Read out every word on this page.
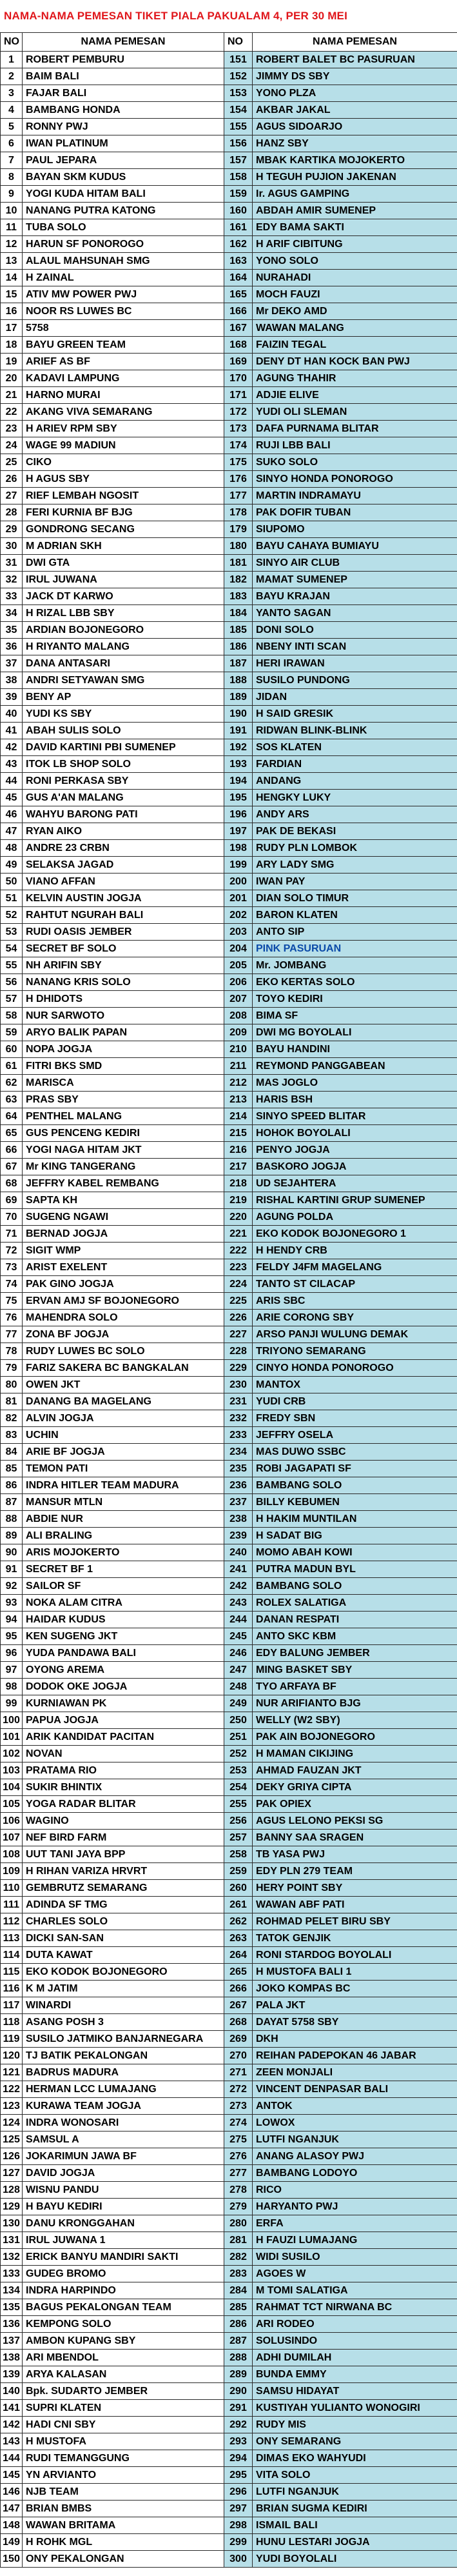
NAMA-NAMA PEMESAN TIKET PIALA PAKUALAM 4, PER 30 MEI
NO	NAMA PEMESAN	NO	NAMA PEMESAN
1	ROBERT PEMBURU	151	ROBERT BALET BC PASURUAN
2	BAIM BALI	152	JIMMY DS SBY
3	FAJAR BALI	153	YONO PLZA
4	BAMBANG HONDA	154	AKBAR JAKAL
5	RONNY PWJ	155	AGUS SIDOARJO
6	IWAN PLATINUM	156	HANZ SBY
7	PAUL JEPARA	157	MBAK KARTIKA MOJOKERTO
8	BAYAN SKM KUDUS	158	H TEGUH PUJION JAKENAN
9	YOGI KUDA HITAM BALI	159	Ir. AGUS GAMPING
10	NANANG PUTRA KATONG	160	ABDAH AMIR SUMENEP
11	TUBA SOLO	161	EDY BAMA SAKTI
12	HARUN SF PONOROGO	162	H ARIF CIBITUNG
13	ALAUL MAHSUNAH SMG	163	YONO SOLO
14	H ZAINAL	164	NURAHADI
15	ATIV MW POWER PWJ	165	MOCH FAUZI
16	NOOR RS LUWES BC	166	Mr DEKO AMD
17	5758	167	WAWAN MALANG
18	BAYU GREEN TEAM	168	FAIZIN TEGAL
19	ARIEF AS BF	169	DENY DT HAN KOCK BAN PWJ
20	KADAVI LAMPUNG	170	AGUNG THAHIR
21	HARNO MURAI	171	ADJIE ELIVE
22	AKANG VIVA SEMARANG	172	YUDI OLI SLEMAN
23	H ARIEV RPM SBY	173	DAFA PURNAMA BLITAR
24	WAGE 99 MADIUN	174	RUJI LBB BALI
25	CIKO	175	SUKO SOLO
26	H AGUS SBY	176	SINYO HONDA PONOROGO
27	RIEF LEMBAH NGOSIT	177	MARTIN INDRAMAYU
28	FERI KURNIA BF BJG	178	PAK DOFIR TUBAN
29	GONDRONG SECANG	179	SIUPOMO
30	M ADRIAN SKH	180	BAYU CAHAYA BUMIAYU
31	DWI GTA	181	SINYO AIR CLUB
32	IRUL JUWANA	182	MAMAT SUMENEP
33	JACK DT KARWO	183	BAYU KRAJAN
34	H RIZAL LBB SBY	184	YANTO SAGAN
35	ARDIAN BOJONEGORO	185	DONI SOLO
36	H RIYANTO MALANG	186	NBENY INTI SCAN
37	DANA ANTASARI	187	HERI IRAWAN
38	ANDRI SETYAWAN SMG	188	SUSILO PUNDONG
39	BENY AP	189	JIDAN
40	YUDI KS SBY	190	H SAID GRESIK
41	ABAH SULIS SOLO	191	RIDWAN BLINK-BLINK
42	DAVID KARTINI PBI SUMENEP	192	SOS KLATEN
43	ITOK LB SHOP SOLO	193	FARDIAN
44	RONI PERKASA SBY	194	ANDANG
45	GUS A'AN MALANG	195	HENGKY LUKY
46	WAHYU BARONG PATI	196	ANDY ARS
47	RYAN AIKO	197	PAK DE BEKASI
48	ANDRE 23 CRBN	198	RUDY PLN LOMBOK
49	SELAKSA JAGAD	199	ARY LADY SMG
50	VIANO AFFAN	200	IWAN PAY
51	KELVIN AUSTIN JOGJA	201	DIAN SOLO TIMUR
52	RAHTUT NGURAH BALI	202	BARON KLATEN
53	RUDI OASIS JEMBER	203	ANTO SIP
54	SECRET BF SOLO	204	PINK PASURUAN
55	NH ARIFIN SBY	205	Mr. JOMBANG
56	NANANG KRIS SOLO	206	EKO KERTAS SOLO
57	H DHIDOTS	207	TOYO KEDIRI
58	NUR SARWOTO	208	BIMA SF
59	ARYO BALIK PAPAN	209	DWI MG BOYOLALI
60	NOPA JOGJA	210	BAYU HANDINI
61	FITRI BKS SMD	211	REYMOND PANGGABEAN
62	MARISCA	212	MAS JOGLO
63	PRAS SBY	213	HARIS BSH
64	PENTHEL MALANG	214	SINYO SPEED BLITAR
65	GUS PENCENG KEDIRI	215	HOHOK BOYOLALI
66	YOGI NAGA HITAM JKT	216	PENYO JOGJA
67	Mr KING TANGERANG	217	BASKORO JOGJA
68	JEFFRY KABEL REMBANG	218	UD SEJAHTERA
69	SAPTA KH	219	RISHAL KARTINI GRUP SUMENEP
70	SUGENG NGAWI	220	AGUNG POLDA
71	BERNAD JOGJA	221	EKO KODOK BOJONEGORO 1
72	SIGIT WMP	222	H HENDY CRB
73	ARIST EXELENT	223	FELDY J4FM MAGELANG
74	PAK GINO JOGJA	224	TANTO ST CILACAP
75	ERVAN AMJ SF BOJONEGORO	225	ARIS SBC
76	MAHENDRA SOLO	226	ARIE CORONG SBY
77	ZONA BF JOGJA	227	ARSO PANJI WULUNG DEMAK
78	RUDY LUWES BC SOLO	228	TRIYONO SEMARANG
79	FARIZ SAKERA BC BANGKALAN	229	CINYO HONDA PONOROGO
80	OWEN JKT	230	MANTOX
81	DANANG BA MAGELANG	231	YUDI CRB
82	ALVIN JOGJA	232	FREDY SBN
83	UCHIN	233	JEFFRY OSELA
84	ARIE BF JOGJA	234	MAS DUWO SSBC
85	TEMON PATI	235	ROBI JAGAPATI SF
86	INDRA HITLER TEAM MADURA	236	BAMBANG SOLO
87	MANSUR MTLN	237	BILLY KEBUMEN
88	ABDIE NUR	238	H HAKIM MUNTILAN
89	ALI BRALING	239	H SADAT BIG
90	ARIS MOJOKERTO	240	MOMO ABAH KOWI
91	SECRET BF 1	241	PUTRA MADUN BYL
92	SAILOR SF	242	BAMBANG SOLO
93	NOKA ALAM CITRA	243	ROLEX SALATIGA
94	HAIDAR KUDUS	244	DANAN RESPATI
95	KEN SUGENG JKT	245	ANTO SKC KBM
96	YUDA PANDAWA BALI	246	EDY BALUNG JEMBER
97	OYONG AREMA	247	MING BASKET SBY
98	DODOK OKE JOGJA	248	TYO ARFAYA BF
99	KURNIAWAN PK	249	NUR ARIFIANTO BJG
100	PAPUA JOGJA	250	WELLY (W2 SBY)
101	ARIK KANDIDAT PACITAN	251	PAK AIN BOJONEGORO
102	NOVAN	252	H MAMAN CIKIJING
103	PRATAMA RIO	253	AHMAD FAUZAN JKT
104	SUKIR BHINTIX	254	DEKY GRIYA CIPTA
105	YOGA RADAR BLITAR	255	PAK OPIEX
106	WAGINO	256	AGUS LELONO PEKSI SG
107	NEF BIRD FARM	257	BANNY SAA SRAGEN
108	UUT TANI JAYA BPP	258	TB YASA PWJ
109	H RIHAN VARIZA HRVRT	259	EDY PLN 279 TEAM
110	GEMBRUTZ SEMARANG	260	HERY POINT SBY
111	ADINDA SF TMG	261	WAWAN ABF PATI
112	CHARLES SOLO	262	ROHMAD PELET BIRU SBY
113	DICKI SAN-SAN	263	TATOK GENJIK
114	DUTA KAWAT	264	RONI STARDOG BOYOLALI
115	EKO KODOK BOJONEGORO	265	H MUSTOFA BALI 1
116	K M JATIM	266	JOKO KOMPAS BC
117	WINARDI	267	PALA JKT
118	ASANG POSH 3	268	DAYAT 5758 SBY
119	SUSILO JATMIKO BANJARNEGARA	269	DKH
120	TJ BATIK PEKALONGAN	270	REIHAN PADEPOKAN 46 JABAR
121	BADRUS MADURA	271	ZEEN MONJALI
122	HERMAN LCC LUMAJANG	272	VINCENT DENPASAR BALI
123	KURAWA TEAM JOGJA	273	ANTOK
124	INDRA WONOSARI	274	LOWOX
125	SAMSUL A	275	LUTFI NGANJUK
126	JOKARIMUN JAWA BF	276	ANANG ALASOY PWJ
127	DAVID JOGJA	277	BAMBANG LODOYO
128	WISNU PANDU	278	RICO
129	H BAYU KEDIRI	279	HARYANTO PWJ
130	DANU KRONGGAHAN	280	ERFA
131	IRUL JUWANA 1	281	H FAUZI LUMAJANG
132	ERICK BANYU MANDIRI SAKTI	282	WIDI SUSILO
133	GUDEG BROMO	283	AGOES W
134	INDRA HARPINDO	284	M TOMI SALATIGA
135	BAGUS PEKALONGAN TEAM	285	RAHMAT TCT NIRWANA BC
136	KEMPONG SOLO	286	ARI RODEO
137	AMBON KUPANG SBY	287	SOLUSINDO
138	ARI MBENDOL	288	ADHI DUMILAH
139	ARYA KALASAN	289	BUNDA EMMY
140	Bpk. SUDARTO JEMBER	290	SAMSU HIDAYAT
141	SUPRI KLATEN	291	KUSTIYAH YULIANTO WONOGIRI
142	HADI CNI SBY	292	RUDY MIS
143	H MUSTOFA	293	ONY SEMARANG
144	RUDI TEMANGGUNG	294	DIMAS EKO WAHYUDI
145	YN ARVIANTO	295	VITA SOLO
146	NJB TEAM	296	LUTFI NGANJUK
147	BRIAN BMBS	297	BRIAN SUGMA KEDIRI
148	WAWAN BRITAMA	298	ISMAIL BALI
149	H ROHK MGL	299	HUNU LESTARI JOGJA
150	ONY PEKALONGAN	300	YUDI BOYOLALI
